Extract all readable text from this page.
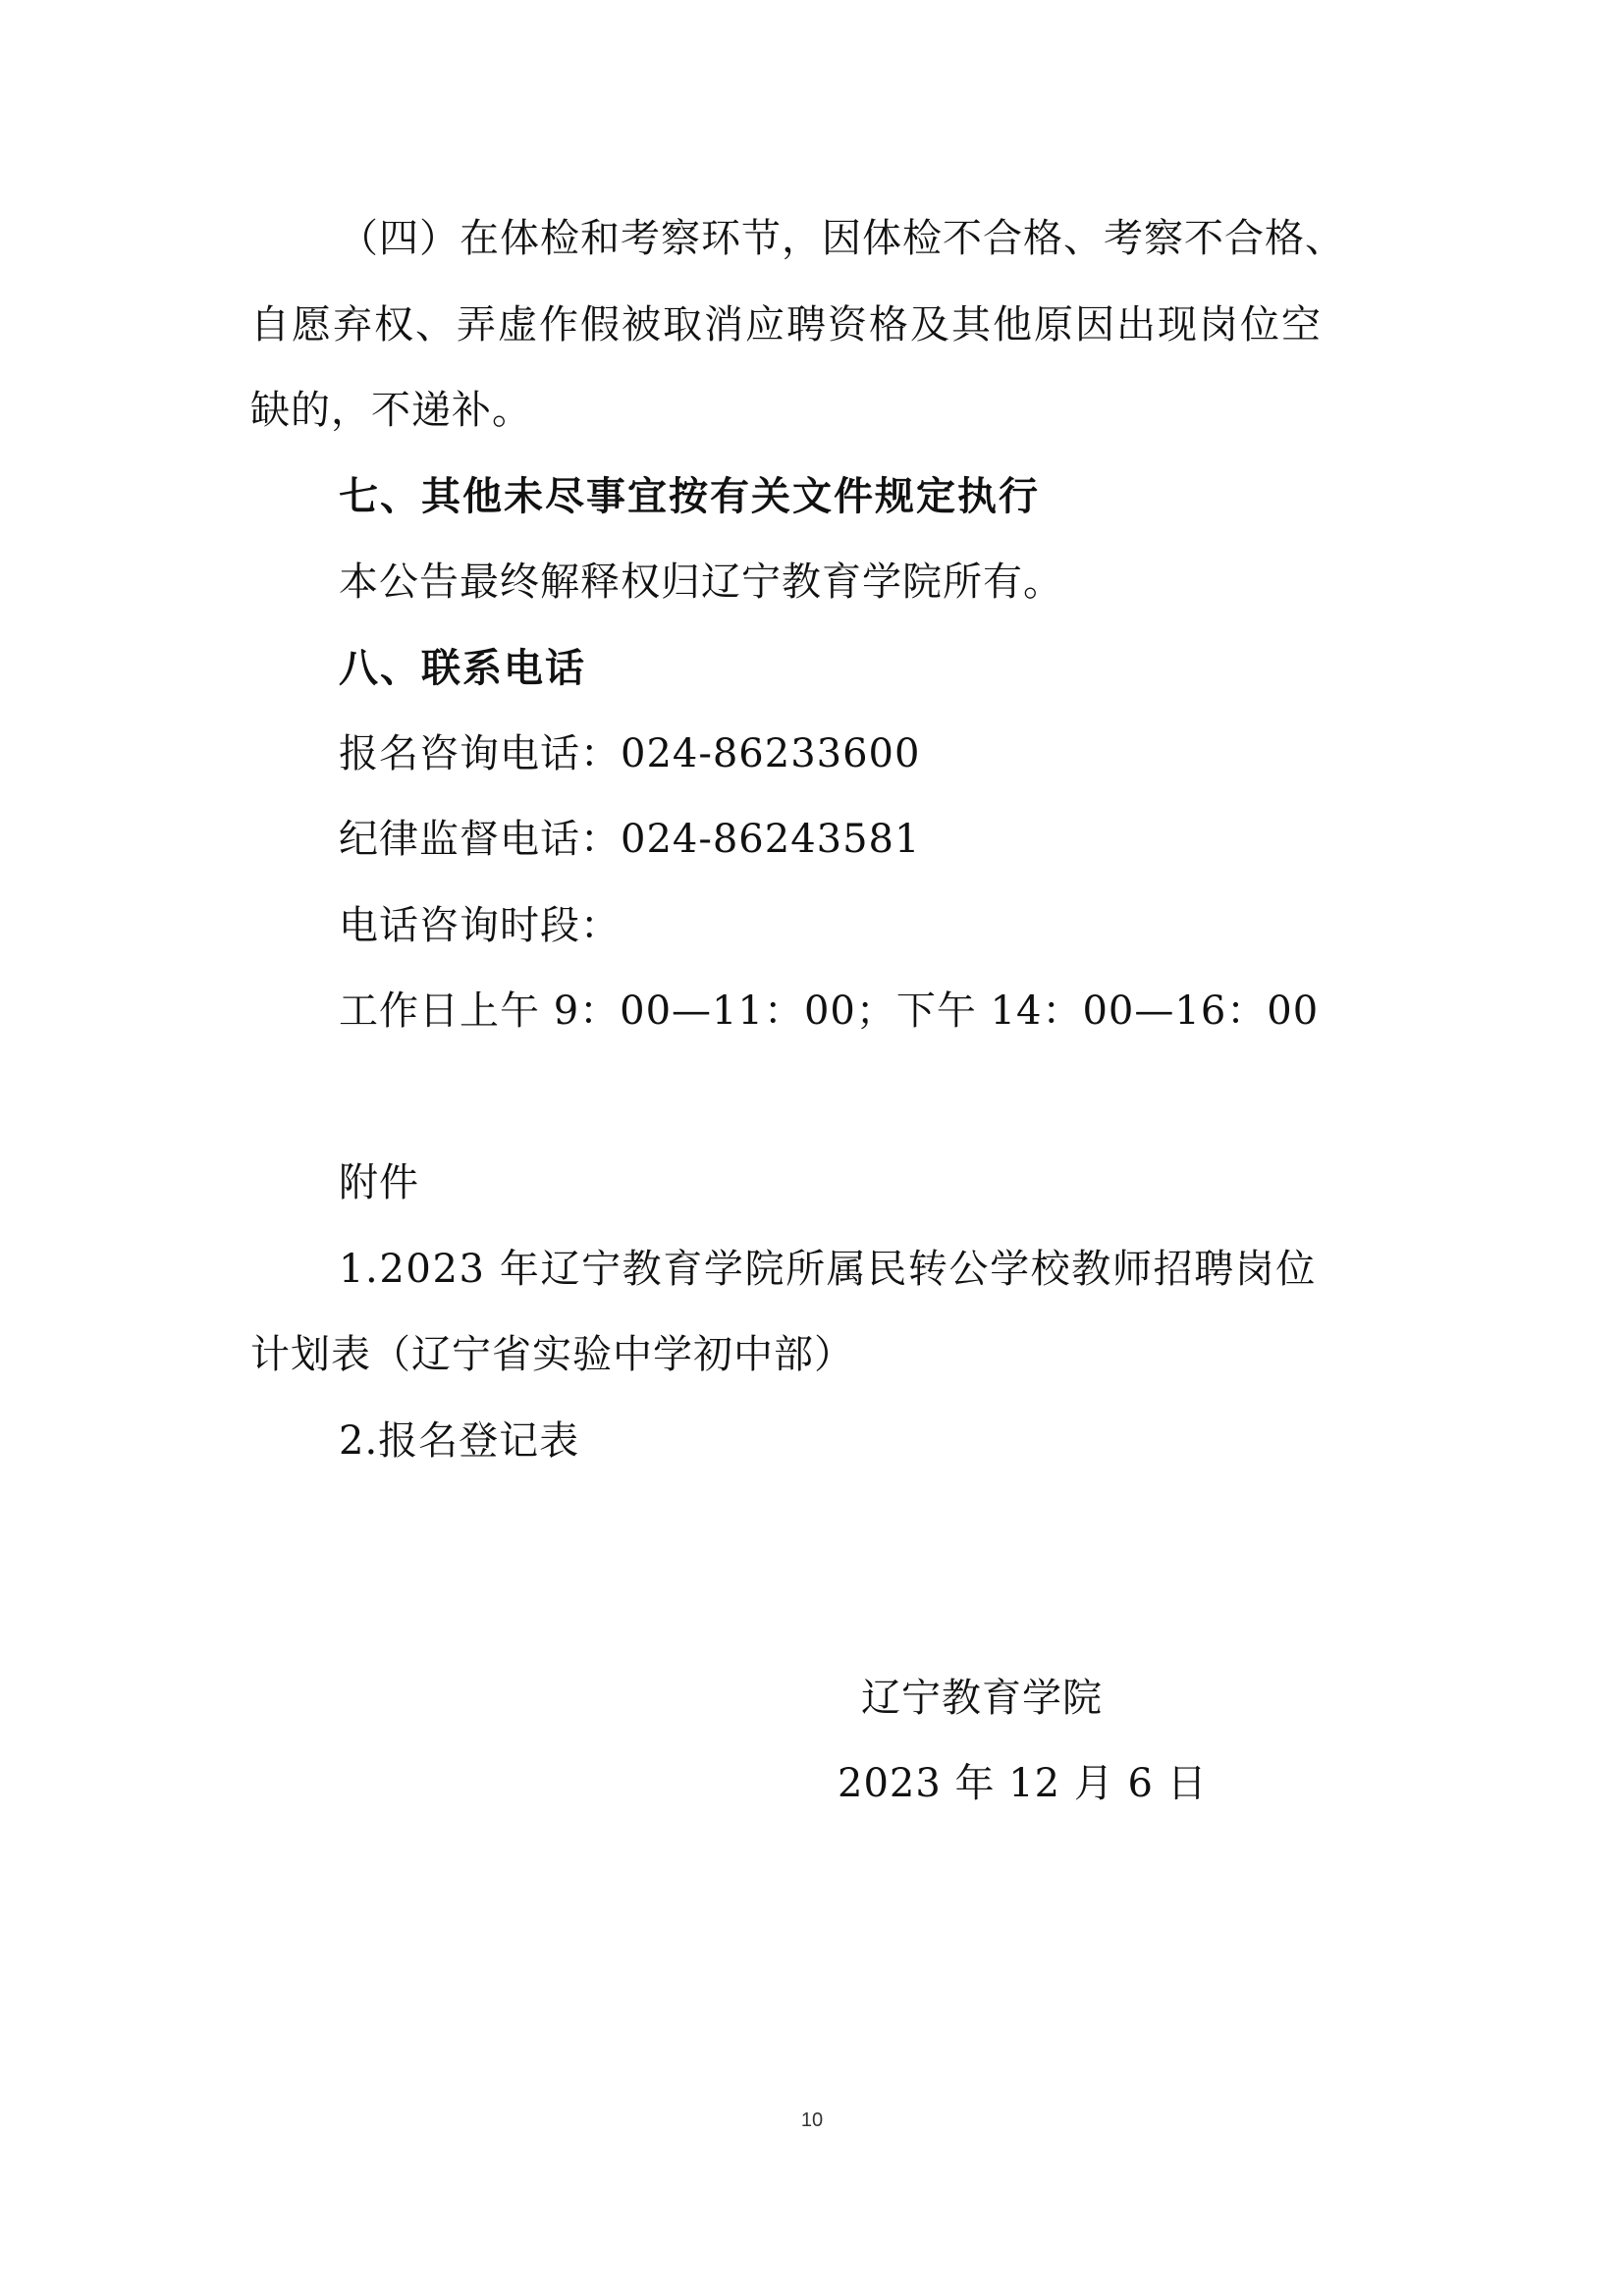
（四）在体检和考察环节，因体检不合格、考察不合格、
自愿弃权、弄虚作假被取消应聘资格及其他原因出现岗位空
缺的，不递补。
七、其他未尽事宜按有关文件规定执行
本公告最终解释权归辽宁教育学院所有。
八、联系电话
报名咨询电话：024-86233600
纪律监督电话：024-86243581
电话咨询时段：
工作日上午 9：00—11：00；下午 14：00—16：00
附件
1.2023 年辽宁教育学院所属民转公学校教师招聘岗位
计划表（辽宁省实验中学初中部）
2.报名登记表
辽宁教育学院
2023 年 12 月 6 日
10
